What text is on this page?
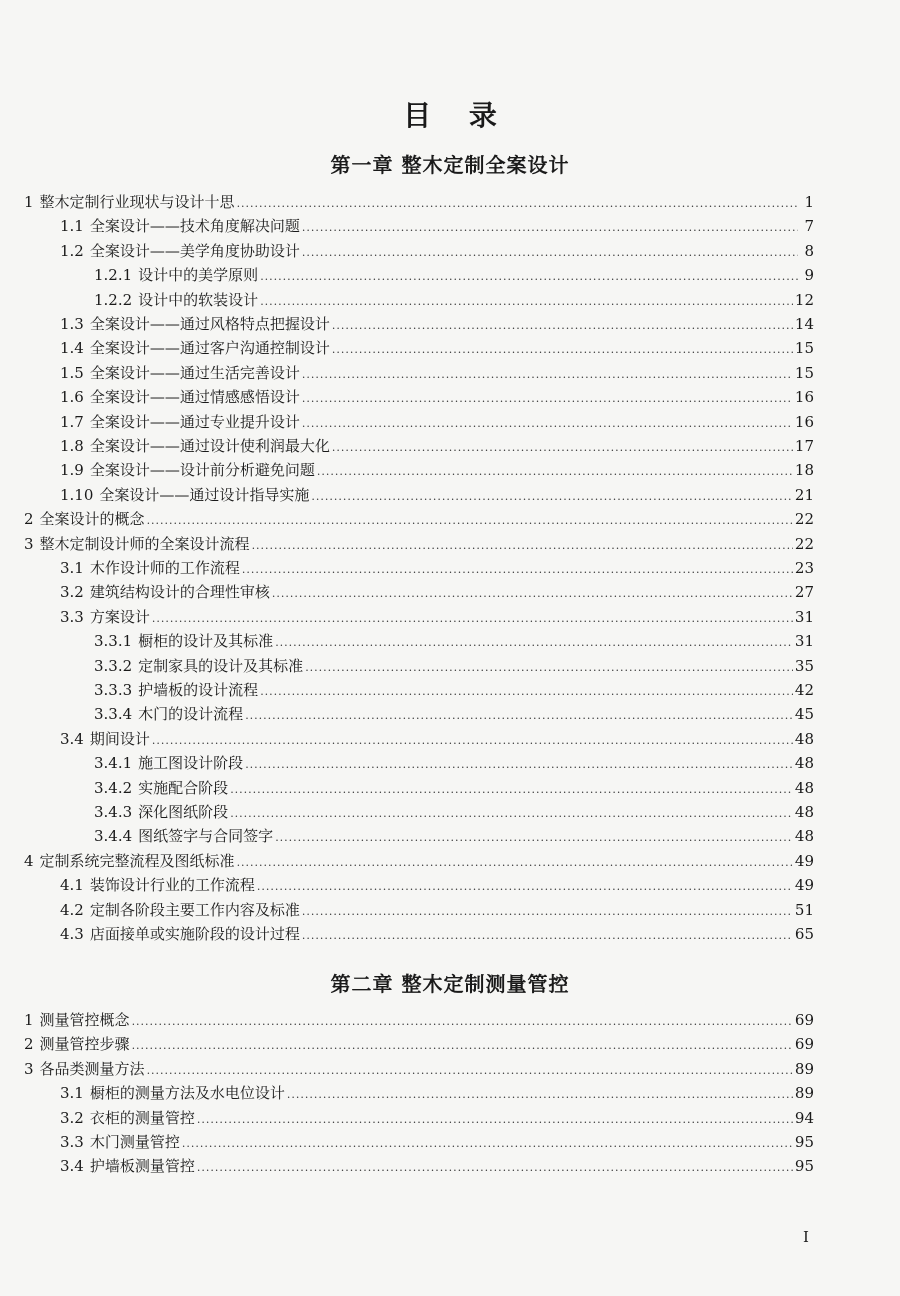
目 录
第一章 整木定制全案设计
1 整木定制行业现状与设计十思 .....	1
1.1 全案设计——技术角度解决问题 .....	7
1.2 全案设计——美学角度协助设计 .....	8
1.2.1 设计中的美学原则 .....	9
1.2.2 设计中的软装设计 .....	12
1.3 全案设计——通过风格特点把握设计 .....	14
1.4 全案设计——通过客户沟通控制设计 .....	15
1.5 全案设计——通过生活完善设计 .....	15
1.6 全案设计——通过情感感悟设计 .....	16
1.7 全案设计——通过专业提升设计 .....	16
1.8 全案设计——通过设计使利润最大化 .....	17
1.9 全案设计——设计前分析避免问题 .....	18
1.10 全案设计——通过设计指导实施 .....	21
2 全案设计的概念 .....	22
3 整木定制设计师的全案设计流程 .....	22
3.1 木作设计师的工作流程 .....	23
3.2 建筑结构设计的合理性审核 .....	27
3.3 方案设计 .....	31
3.3.1 橱柜的设计及其标准 .....	31
3.3.2 定制家具的设计及其标准 .....	35
3.3.3 护墙板的设计流程 .....	42
3.3.4 木门的设计流程 .....	45
3.4 期间设计 .....	48
3.4.1 施工图设计阶段 .....	48
3.4.2 实施配合阶段 .....	48
3.4.3 深化图纸阶段 .....	48
3.4.4 图纸签字与合同签字 .....	48
4 定制系统完整流程及图纸标准 .....	49
4.1 装饰设计行业的工作流程 .....	49
4.2 定制各阶段主要工作内容及标准 .....	51
4.3 店面接单或实施阶段的设计过程 .....	65
第二章 整木定制测量管控
1 测量管控概念 .....	69
2 测量管控步骤 .....	69
3 各品类测量方法 .....	89
3.1 橱柜的测量方法及水电位设计 .....	89
3.2 衣柜的测量管控 .....	94
3.3 木门测量管控 .....	95
3.4 护墙板测量管控 .....	95
Ⅰ
